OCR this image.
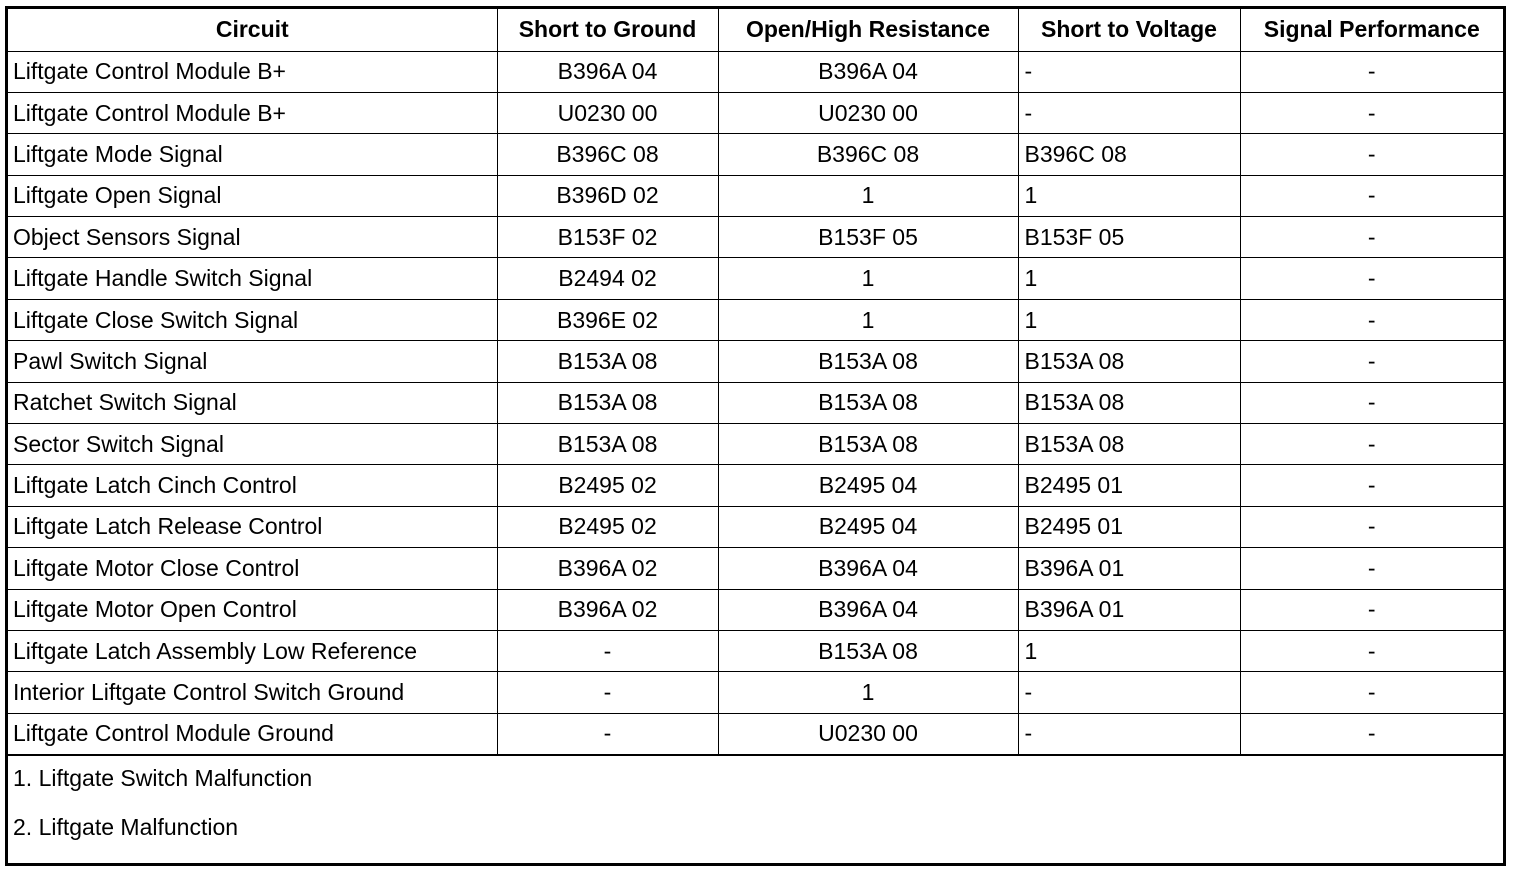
Circuit	Short to Ground	Open/High Resistance	Short to Voltage	Signal Performance
Liftgate Control Module B+	B396A 04	B396A 04	-	-
Liftgate Control Module B+	U0230 00	U0230 00	-	-
Liftgate Mode Signal	B396C 08	B396C 08	B396C 08	-
Liftgate Open Signal	B396D 02	1	1	-
Object Sensors Signal	B153F 02	B153F 05	B153F 05	-
Liftgate Handle Switch Signal	B2494 02	1	1	-
Liftgate Close Switch Signal	B396E 02	1	1	-
Pawl Switch Signal	B153A 08	B153A 08	B153A 08	-
Ratchet Switch Signal	B153A 08	B153A 08	B153A 08	-
Sector Switch Signal	B153A 08	B153A 08	B153A 08	-
Liftgate Latch Cinch Control	B2495 02	B2495 04	B2495 01	-
Liftgate Latch Release Control	B2495 02	B2495 04	B2495 01	-
Liftgate Motor Close Control	B396A 02	B396A 04	B396A 01	-
Liftgate Motor Open Control	B396A 02	B396A 04	B396A 01	-
Liftgate Latch Assembly Low Reference	-	B153A 08	1	-
Interior Liftgate Control Switch Ground	-	1	-	-
Liftgate Control Module Ground	-	U0230 00	-	-
1. Liftgate Switch Malfunction
2. Liftgate Malfunction
